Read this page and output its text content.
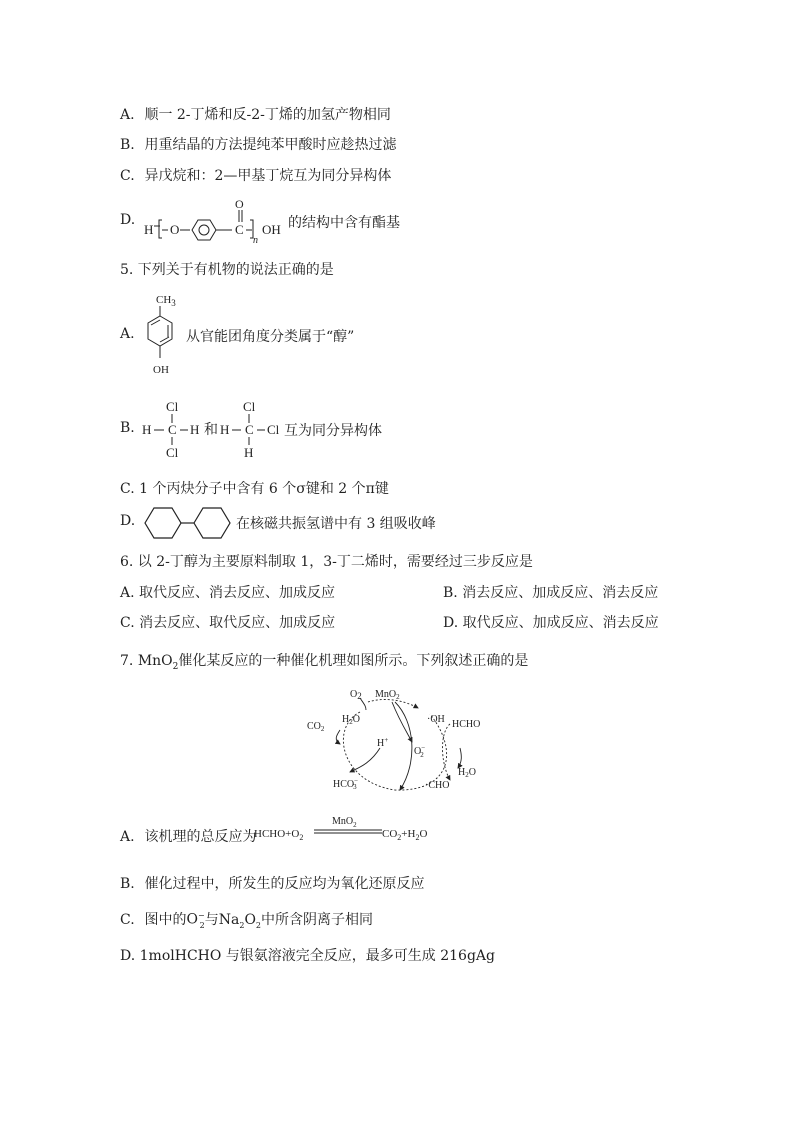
A. 顺一 2-丁烯和反-2-丁烯的加氢产物相同
B. 用重结晶的方法提纯苯甲酸时应趁热过滤
C. 异戊烷和：2—甲基丁烷互为同分异构体
D.
H O	C
O
n
OH 的结构中含有酯基
5. 下列关于有机物的说法正确的是
A.
$CH_3$
OH
从官能团角度分类属于“醇”
B.
Cl
H C H
Cl
和
Cl
H C Cl
H
互为同分异构体
C. 1 个丙炔分子中含有 6 个σ键和 2 个π键
D.	在核磁共振氢谱中有 3 组吸收峰
6. 以 2-丁醇为主要原料制取 1，3-丁二烯时，需要经过三步反应是
A. 取代反应、消去反应、加成反应	B. 消去反应、加成反应、消去反应
C. 消去反应、取代反应、加成反应	D. 取代反应、加成反应、消去反应
7. MnO$_2$催化某反应的一种催化机理如图所示。下列叙述正确的是
O2 MnO$_2$
$H_2O$	·OH HCHO
$CO_2$
H+
O− 2
$H_2O$
HCO− 3	·CHO
A. 该机理的总反应为
$HCHO+O_2$
MnO$_2$
$CO_2+H_2O$
B. 催化过程中，所发生的反应均为氧化还原反应
C. 图中的$O^-_2$与$Na_2O_2$中所含阴离子相同
D. 1molHCHO 与银氨溶液完全反应，最多可生成 216gAg
